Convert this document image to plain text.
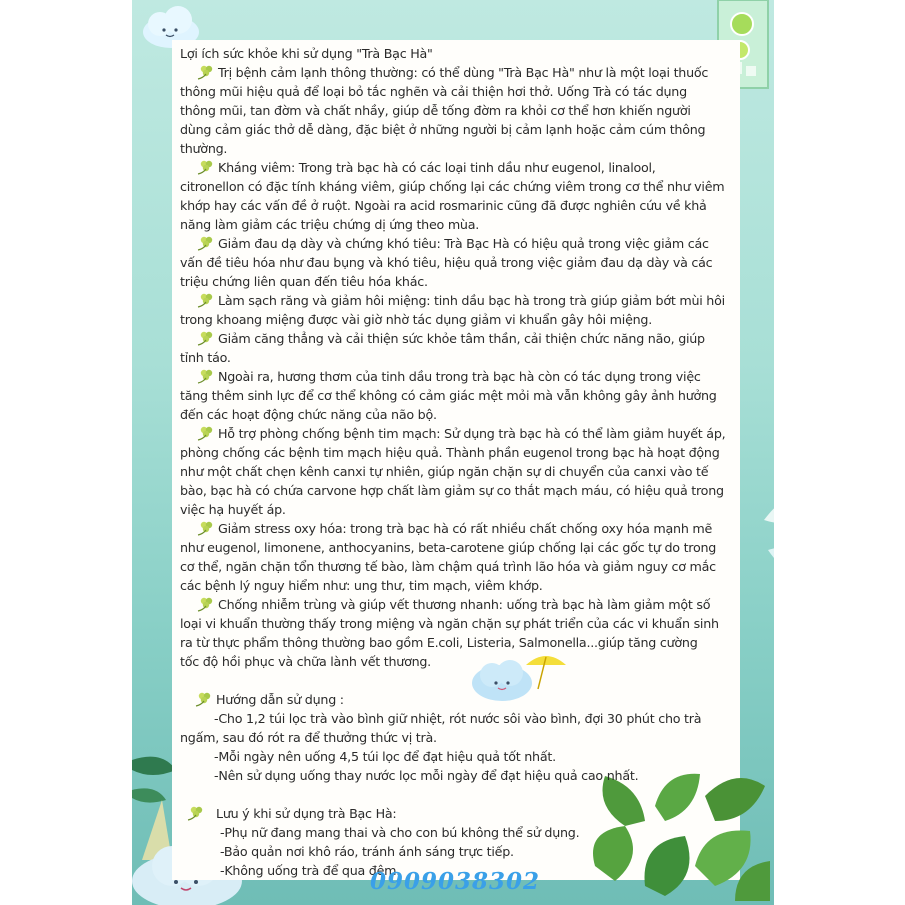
Lợi ích sức khỏe khi sử dụng "Trà Bạc Hà"

Trị bệnh cảm lạnh thông thường: có thể dùng "Trà Bạc Hà" như là một loại thuốc

thông mũi hiệu quả để loại bỏ tắc nghẽn và cải thiện hơi thở. Uống Trà có tác dụng

thông mũi, tan đờm và chất nhầy, giúp dễ tống đờm ra khỏi cơ thể hơn khiến người

dùng cảm giác thở dễ dàng, đặc biệt ở những người bị cảm lạnh hoặc cảm cúm thông

thường.

Kháng viêm: Trong trà bạc hà có các loại tinh dầu như eugenol, linalool,

citronellon có đặc tính kháng viêm, giúp chống lại các chứng viêm trong cơ thể như viêm

khớp hay các vấn đề ở ruột. Ngoài ra acid rosmarinic cũng đã được nghiên cứu về khả

năng làm giảm các triệu chứng dị ứng theo mùa.

Giảm đau dạ dày và chứng khó tiêu: Trà Bạc Hà có hiệu quả trong việc giảm các

vấn đề tiêu hóa như đau bụng và khó tiêu, hiệu quả trong việc giảm đau dạ dày và các

triệu chứng liên quan đến tiêu hóa khác.

Làm sạch răng và giảm hôi miệng: tinh dầu bạc hà trong trà giúp giảm bớt mùi hôi

trong khoang miệng được vài giờ nhờ tác dụng giảm vi khuẩn gây hôi miệng.

Giảm căng thẳng và cải thiện sức khỏe tâm thần, cải thiện chức năng não, giúp

tỉnh táo.

Ngoài ra, hương thơm của tinh dầu trong trà bạc hà còn có tác dụng trong việc

tăng thêm sinh lực để cơ thể không có cảm giác mệt mỏi mà vẫn không gây ảnh hưởng

đến các hoạt động chức năng của não bộ.

Hỗ trợ phòng chống bệnh tim mạch: Sử dụng trà bạc hà có thể làm giảm huyết áp,

phòng chống các bệnh tim mạch hiệu quả. Thành phần eugenol trong bạc hà hoạt động

như một chất chẹn kênh canxi tự nhiên, giúp ngăn chặn sự di chuyển của canxi vào tế

bào, bạc hà có chứa carvone hợp chất làm giảm sự co thắt mạch máu, có hiệu quả trong

việc hạ huyết áp.

Giảm stress oxy hóa: trong trà bạc hà có rất nhiều chất chống oxy hóa mạnh mẽ

như eugenol, limonene, anthocyanins, beta-carotene giúp chống lại các gốc tự do trong

cơ thể, ngăn chặn tổn thương tế bào, làm chậm quá trình lão hóa và giảm nguy cơ mắc

các bệnh lý nguy hiểm như: ung thư, tim mạch, viêm khớp.

Chống nhiễm trùng và giúp vết thương nhanh: uống trà bạc hà làm giảm một số

loại vi khuẩn thường thấy trong miệng và ngăn chặn sự phát triển của các vi khuẩn sinh

ra từ thực phẩm thông thường bao gồm E.coli, Listeria, Salmonella...giúp tăng cường

tốc độ hồi phục và chữa lành vết thương.

Hướng dẫn sử dụng :

-Cho 1,2 túi lọc trà vào bình giữ nhiệt, rót nước sôi vào bình, đợi 30 phút cho trà

ngấm, sau đó rót ra để thưởng thức vị trà.

-Mỗi ngày nên uống 4,5 túi lọc để đạt hiệu quả tốt nhất.

-Nên sử dụng uống thay nước lọc mỗi ngày để đạt hiệu quả cao nhất.

Lưu ý khi sử dụng trà Bạc Hà:

-Phụ nữ đang mang thai và cho con bú không thể sử dụng.

-Bảo quản nơi khô ráo, tránh ánh sáng trực tiếp.

-Không uống trà để qua đêm.

0909038302
